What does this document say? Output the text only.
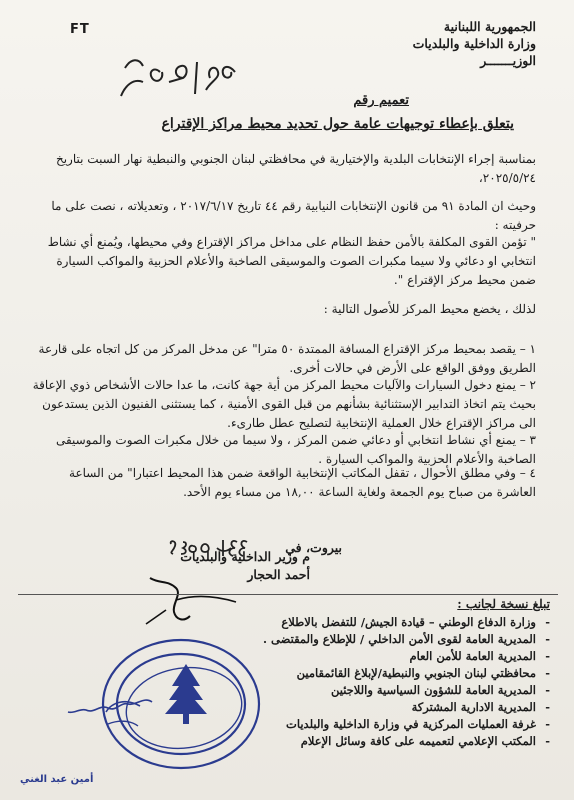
FT	الجمهورية اللبنانية
وزارة الداخلية والبلديات
الوزيـــــــر
تعميم رقم
يتعلق بإعطاء توجيهات عامة حول تحديد محيط مراكز الإقتراع
بمناسبة إجراء الإنتخابات البلدية والإختيارية في محافظتي لبنان الجنوبي والنبطية نهار السبت بتاريخ ٢٠٢٥/٥/٢٤،
وحيث ان المادة ٩١ من قانون الإنتخابات النيابية رقم ٤٤ تاريخ ٢٠١٧/٦/١٧ ، وتعديلاته ، نصت على ما حرفيته :
" تؤمن القوى المكلفة بالأمن حفظ النظام على مداخل مراكز الإقتراع وفي محيطها، ويُمنع أي نشاط انتخابي او دعائي ولا سيما مكبرات الصوت والموسيقى الصاخبة والأعلام الحزبية والمواكب السيارة ضمن محيط مركز الإقتراع ".
لذلك ، يخضع محيط المركز للأصول التالية :
١ – يقصد بمحيط مركز الإقتراع المسافة الممتدة ٥٠ مترا" عن مدخل المركز من كل اتجاه على قارعة الطريق ووفق الواقع على الأرض في حالات أخرى.
٢ – يمنع دخول السيارات والآليات محيط المركز من أية جهة كانت، ما عدا حالات الأشخاص ذوي الإعاقة بحيث يتم اتخاذ التدابير الإستثنائية بشأنهم من قبل القوى الأمنية ، كما يستثنى الفنيون الذين يستدعون الى مراكز الإقتراع خلال العملية الإنتخابية لتصليح عطل طارىء.
٣ – يمنع أي نشاط انتخابي أو دعائي ضمن المركز ، ولا سيما من خلال مكبرات الصوت والموسيقى الصاخبة والأعلام الحزبية والمواكب السيارة .
٤ – وفي مطلق الأحوال ، تقفل المكاتب الإنتخابية الواقعة ضمن هذا المحيط اعتبارا" من الساعة العاشرة من صباح يوم الجمعة ولغاية الساعة ١٨,٠٠ من مساء يوم الأحد.
بيروت، في
م وزير الداخلية والبلديات
أحمد الحجار
تبلغ نسخة لجانب :
-
وزارة الدفاع الوطني – قيادة الجيش/ للتفضل بالاطلاع
-
المديرية العامة لقوى الأمن الداخلي / للإطلاع والمقتضى .
-
المديرية العامة للأمن العام
-
محافظتي لبنان الجنوبي والنبطية/لإبلاغ القائمقامين
-
المديرية العامة للشؤون السياسية واللاجئين
-
المديرية الادارية المشتركة
-
غرفة العمليات المركزية في وزارة الداخلية والبلديات
-
المكتب الإعلامي لتعميمه على كافة وسائل الإعلام
أمين عبد الغني
